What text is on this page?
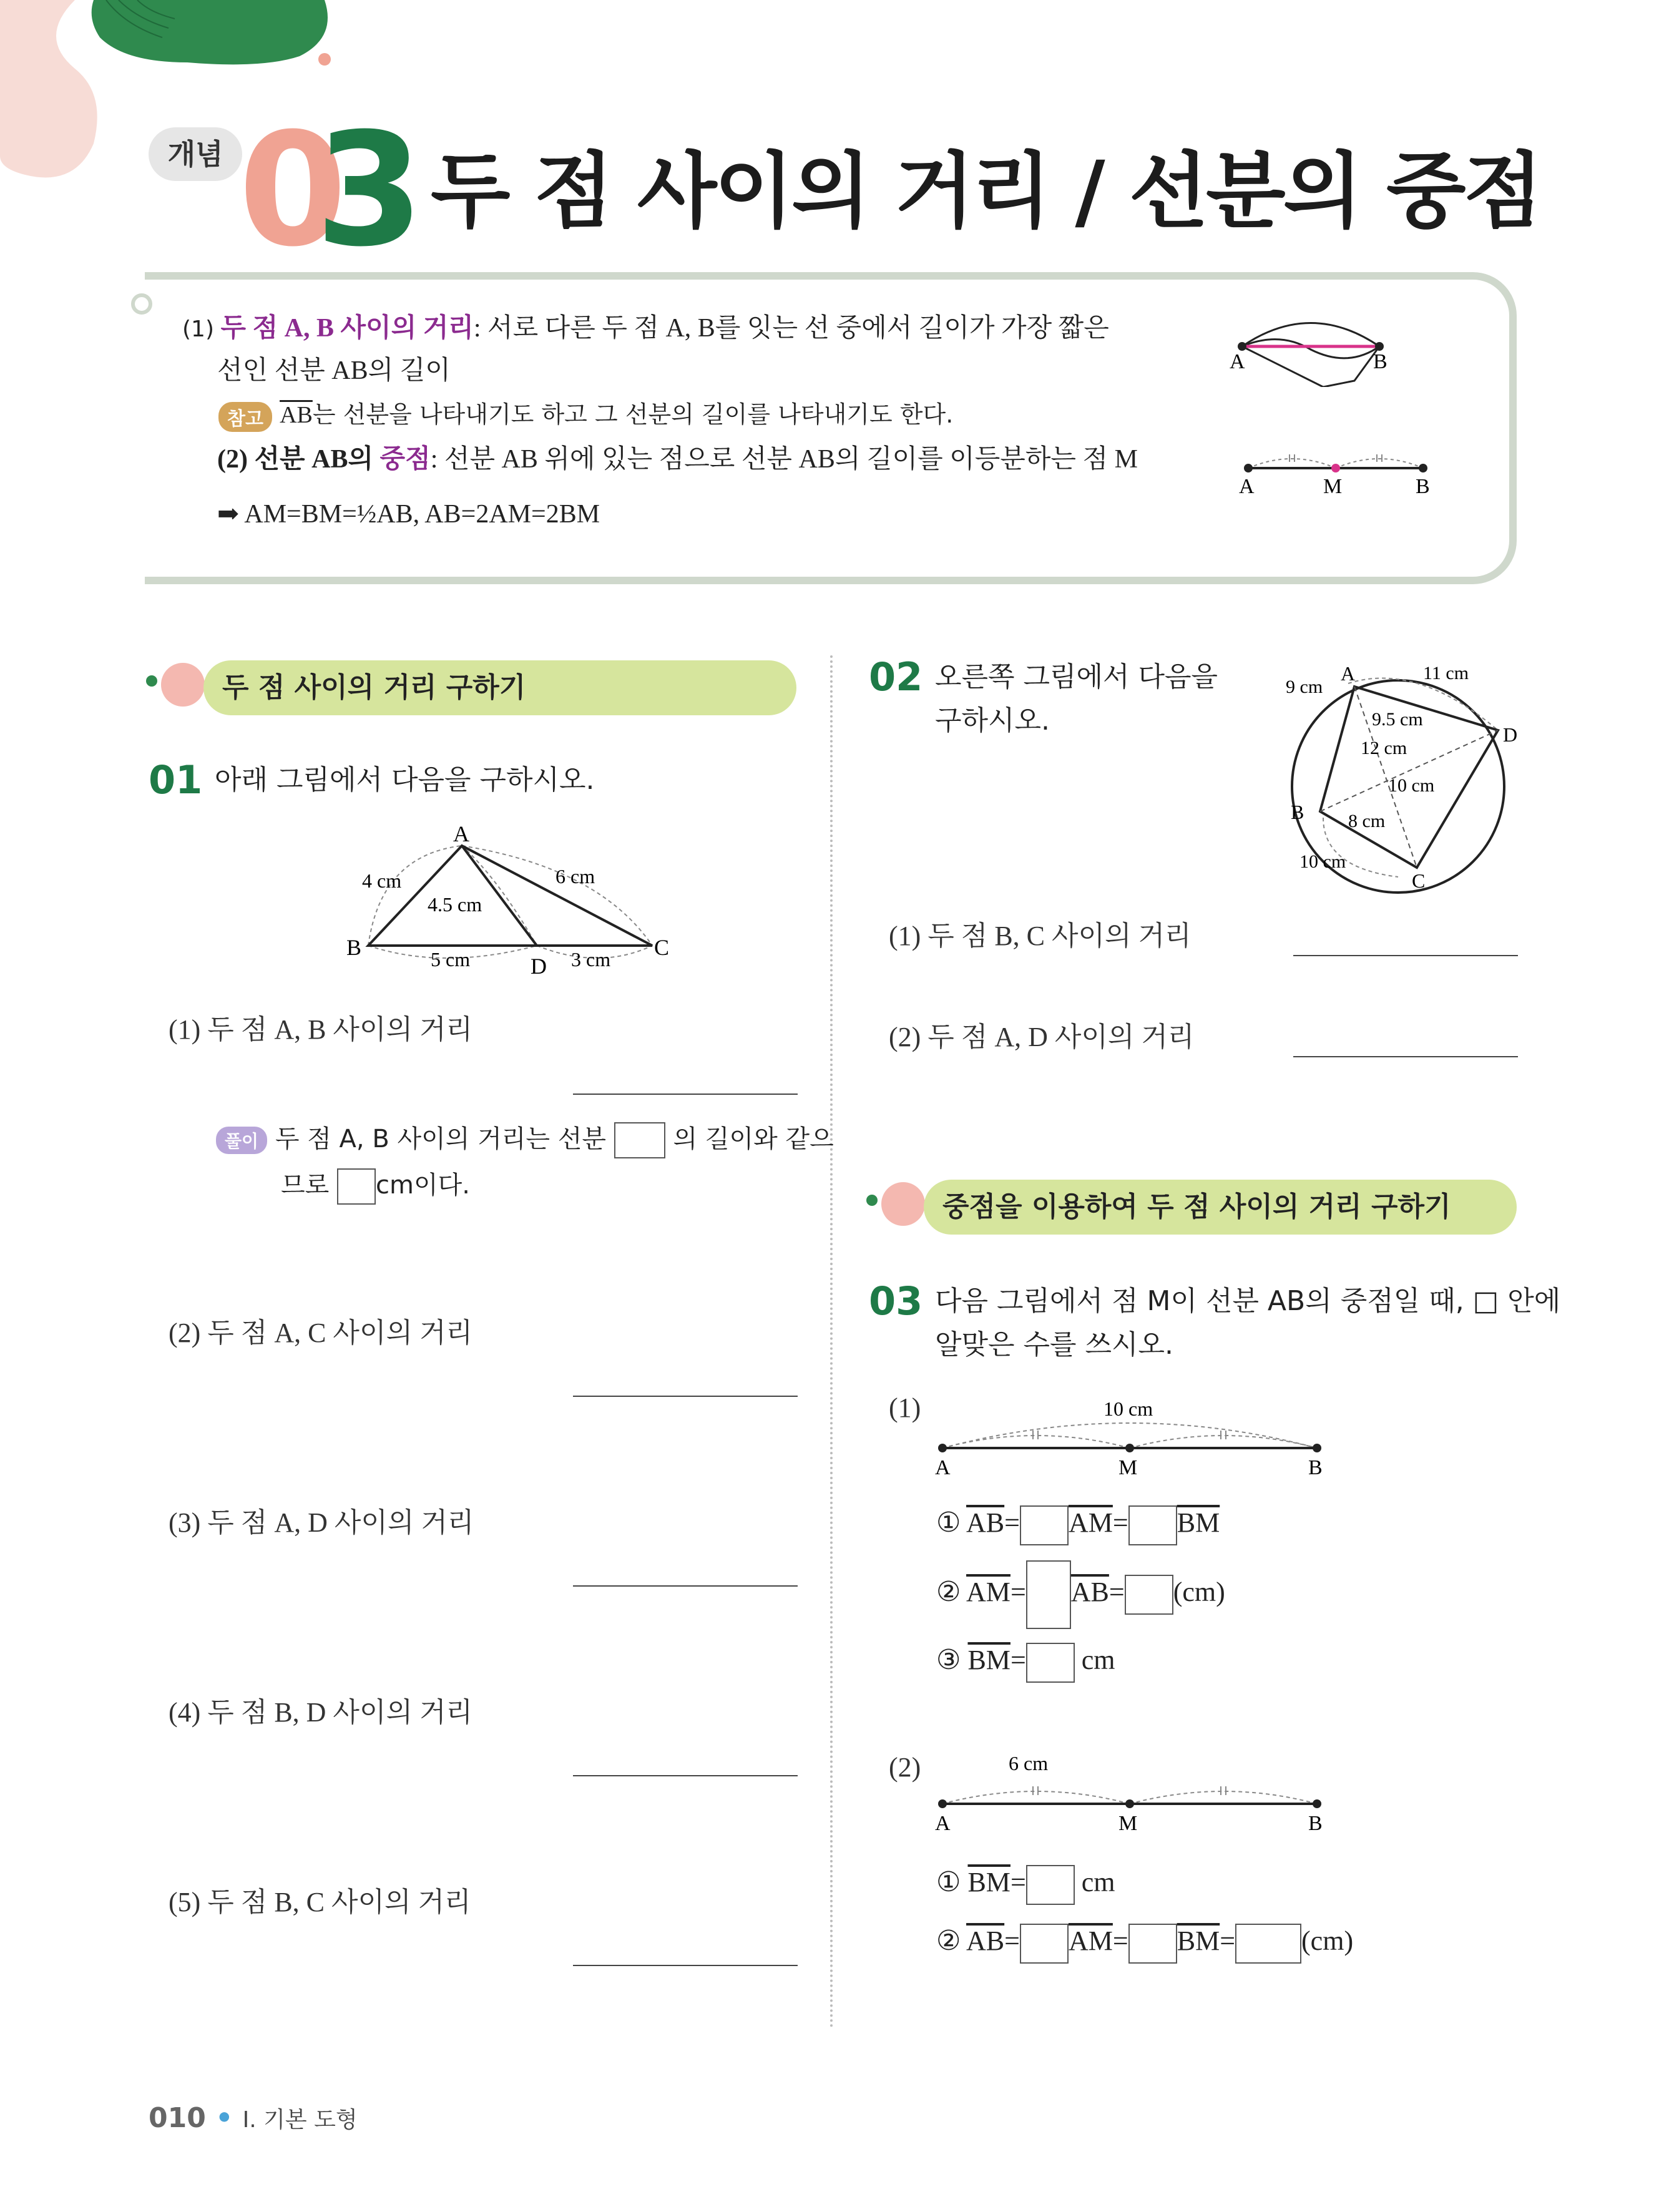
개념 0
3 두 점 사이의 거리 / 선분의 중점
(1) 두 점 A, B 사이의 거리: 서로 다른 두 점 A, B를 잇는 선 중에서 길이가 가장 짧은
선인 선분 AB의 길이
참고 $\overline{AB}$는 선분을 나타내기도 하고 그 선분의 길이를 나타내기도 한다.
(2) 선분 AB의 중점: 선분 AB 위에 있는 점으로 선분 AB의 길이를 이등분하는 점 M
➡ AM=BM=½AB, AB=2AM=2BM
A	B
A	M	B
두 점 사이의 거리 구하기
01 아래 그림에서 다음을 구하시오.
A
B	C
D
4 cm	6 cm
4.5 cm
5 cm	3 cm
(1) 두 점 A, B 사이의 거리
풀이 두 점 A, B 사이의 거리는 선분	의 길이와 같으
므로 cm이다.
(2) 두 점 A, C 사이의 거리
(3) 두 점 A, D 사이의 거리
(4) 두 점 B, D 사이의 거리
(5) 두 점 B, C 사이의 거리
02 오른쪽 그림에서 다음을
구하시오.
A
B
C
D
9 cm
11 cm
9.5 cm
12 cm
10 cm
8 cm
10 cm
(1) 두 점 B, C 사이의 거리
(2) 두 점 A, D 사이의 거리
중점을 이용하여 두 점 사이의 거리 구하기
03 다음 그림에서 점 M이 선분 AB의 중점일 때, □ 안에
알맞은 수를 쓰시오.
(1)	10 cm
A	M	B
① $\overline{AB}= \overline{AM}= \overline{BM}$
② $\overline{AM}= \overline{AB}= (cm)$
③ $\overline{BM}=$ cm
(2)	6 cm
A	M	B
① $\overline{BM}=$ cm
② $\overline{AB}= \overline{AM}= \overline{BM}= (cm)$
010 • I. 기본 도형
